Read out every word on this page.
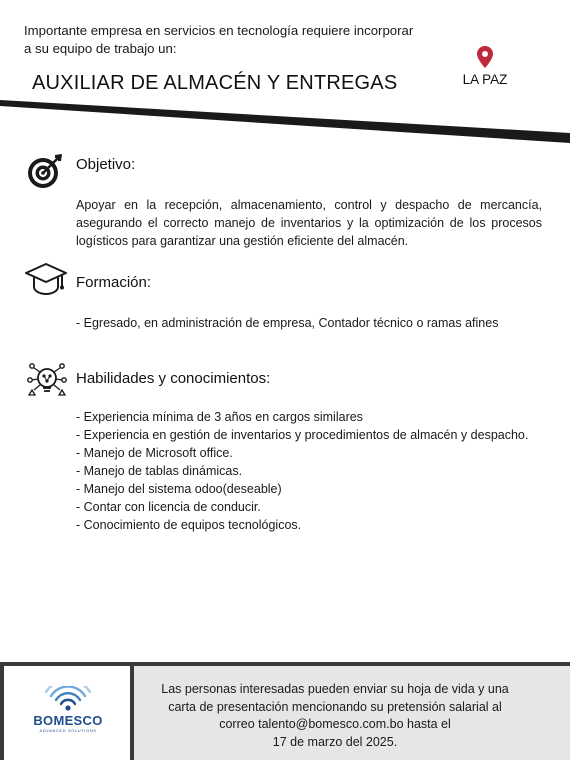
Importante empresa en servicios en tecnología requiere incorporar
a su equipo de trabajo un:
AUXILIAR DE ALMACÉN Y ENTREGAS	LA PAZ
Objetivo:
Apoyar en la recepción, almacenamiento, control y despacho de mercancía, asegurando el correcto manejo de inventarios y la optimización de los procesos logísticos para garantizar una gestión eficiente del almacén.
Formación:
- Egresado, en administración de empresa, Contador técnico o ramas afines
Habilidades y conocimientos:
- Experiencia mínima de 3 años en cargos similares
- Experiencia en gestión de inventarios y procedimientos de almacén y despacho.
- Manejo de Microsoft office.
- Manejo de tablas dinámicas.
- Manejo del sistema odoo(deseable)
- Contar con licencia de conducir.
- Conocimiento de equipos tecnológicos.
BOMESCO
ADVANCED SOLUTIONS
Las personas interesadas pueden enviar su hoja de vida y una
carta de presentación mencionando su pretensión salarial al
correo talento@bomesco.com.bo hasta el
17 de marzo del 2025.
